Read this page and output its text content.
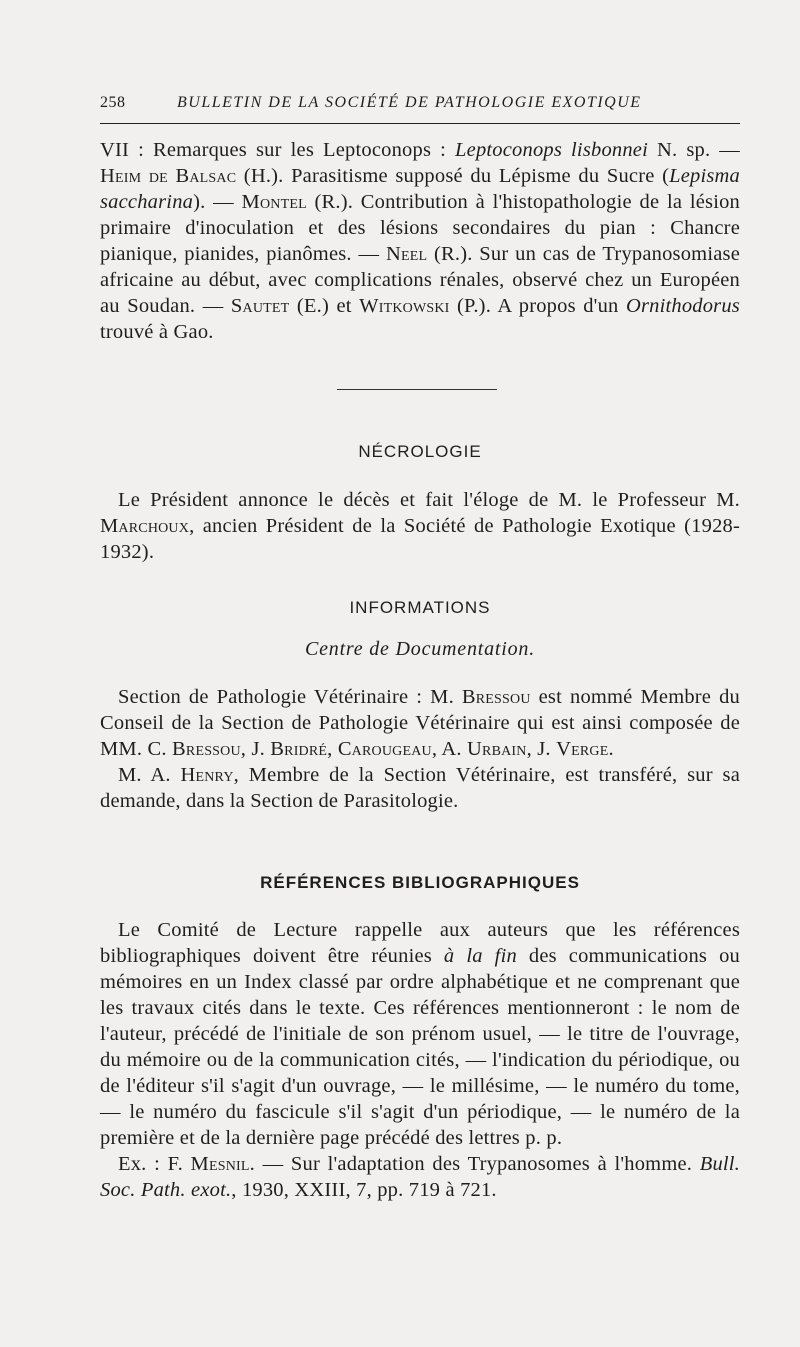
258	BULLETIN DE LA SOCIÉTÉ DE PATHOLOGIE EXOTIQUE

VII : Remarques sur les Leptoconops : Leptoconops lisbonnei N. sp. — Heim de Balsac (H.). Parasitisme supposé du Lépisme du Sucre (Lepisma saccharina). — Montel (R.). Contribution à l'histopathologie de la lésion primaire d'inoculation et des lésions secondaires du pian : Chancre pianique, pianides, pianômes. — Neel (R.). Sur un cas de Trypanosomiase africaine au début, avec complications rénales, observé chez un Européen au Soudan. — Sautet (E.) et Witkowski (P.). A propos d'un Ornithodorus trouvé à Gao.

NÉCROLOGIE

Le Président annonce le décès et fait l'éloge de M. le Professeur M. Marchoux, ancien Président de la Société de Pathologie Exotique (1928-1932).

INFORMATIONS
Centre de Documentation.

Section de Pathologie Vétérinaire : M. Bressou est nommé Membre du Conseil de la Section de Pathologie Vétérinaire qui est ainsi composée de MM. C. Bressou, J. Bridré, Carougeau, A. Urbain, J. Verge.

M. A. Henry, Membre de la Section Vétérinaire, est transféré, sur sa demande, dans la Section de Parasitologie.

RÉFÉRENCES BIBLIOGRAPHIQUES

Le Comité de Lecture rappelle aux auteurs que les références bibliographiques doivent être réunies à la fin des communications ou mémoires en un Index classé par ordre alphabétique et ne comprenant que les travaux cités dans le texte. Ces références mentionneront : le nom de l'auteur, précédé de l'initiale de son prénom usuel, — le titre de l'ouvrage, du mémoire ou de la communication cités, — l'indication du périodique, ou de l'éditeur s'il s'agit d'un ouvrage, — le millésime, — le numéro du tome, — le numéro du fascicule s'il s'agit d'un périodique, — le numéro de la première et de la dernière page précédé des lettres p. p.

Ex. : F. Mesnil. — Sur l'adaptation des Trypanosomes à l'homme. Bull. Soc. Path. exot., 1930, XXIII, 7, pp. 719 à 721.
